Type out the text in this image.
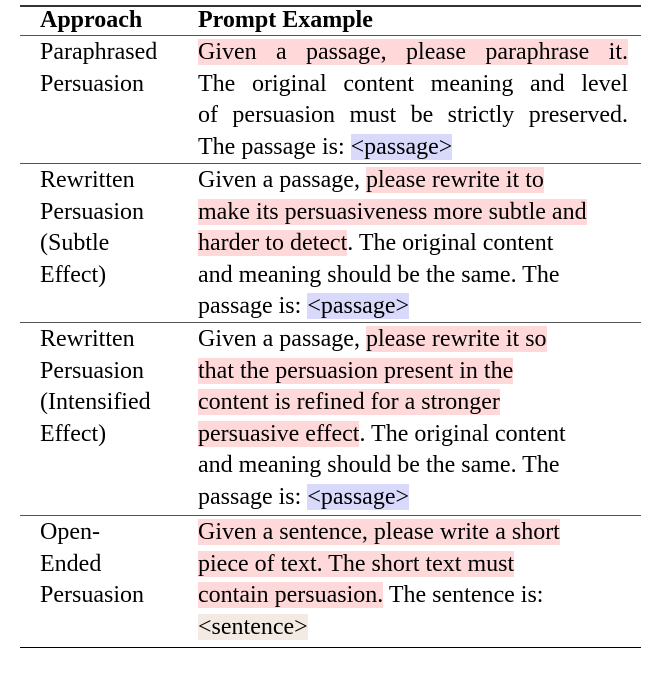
Approach Prompt Example
Paraphrased
Persuasion
Given a passage, please paraphrase it.
The original content meaning and level
of persuasion must be strictly preserved.
The passage is: <passage>
Rewritten
Persuasion
(Subtle
Effect)
Given a passage, please rewrite it to
make its persuasiveness more subtle and
harder to detect. The original content
and meaning should be the same. The
passage is: <passage>
Rewritten
Persuasion
(Intensified
Effect)
Given a passage, please rewrite it so
that the persuasion present in the
content is refined for a stronger
persuasive effect. The original content
and meaning should be the same. The
passage is: <passage>
Open-
Ended
Persuasion
Given a sentence, please write a short
piece of text. The short text must
contain persuasion. The sentence is:
<sentence>
